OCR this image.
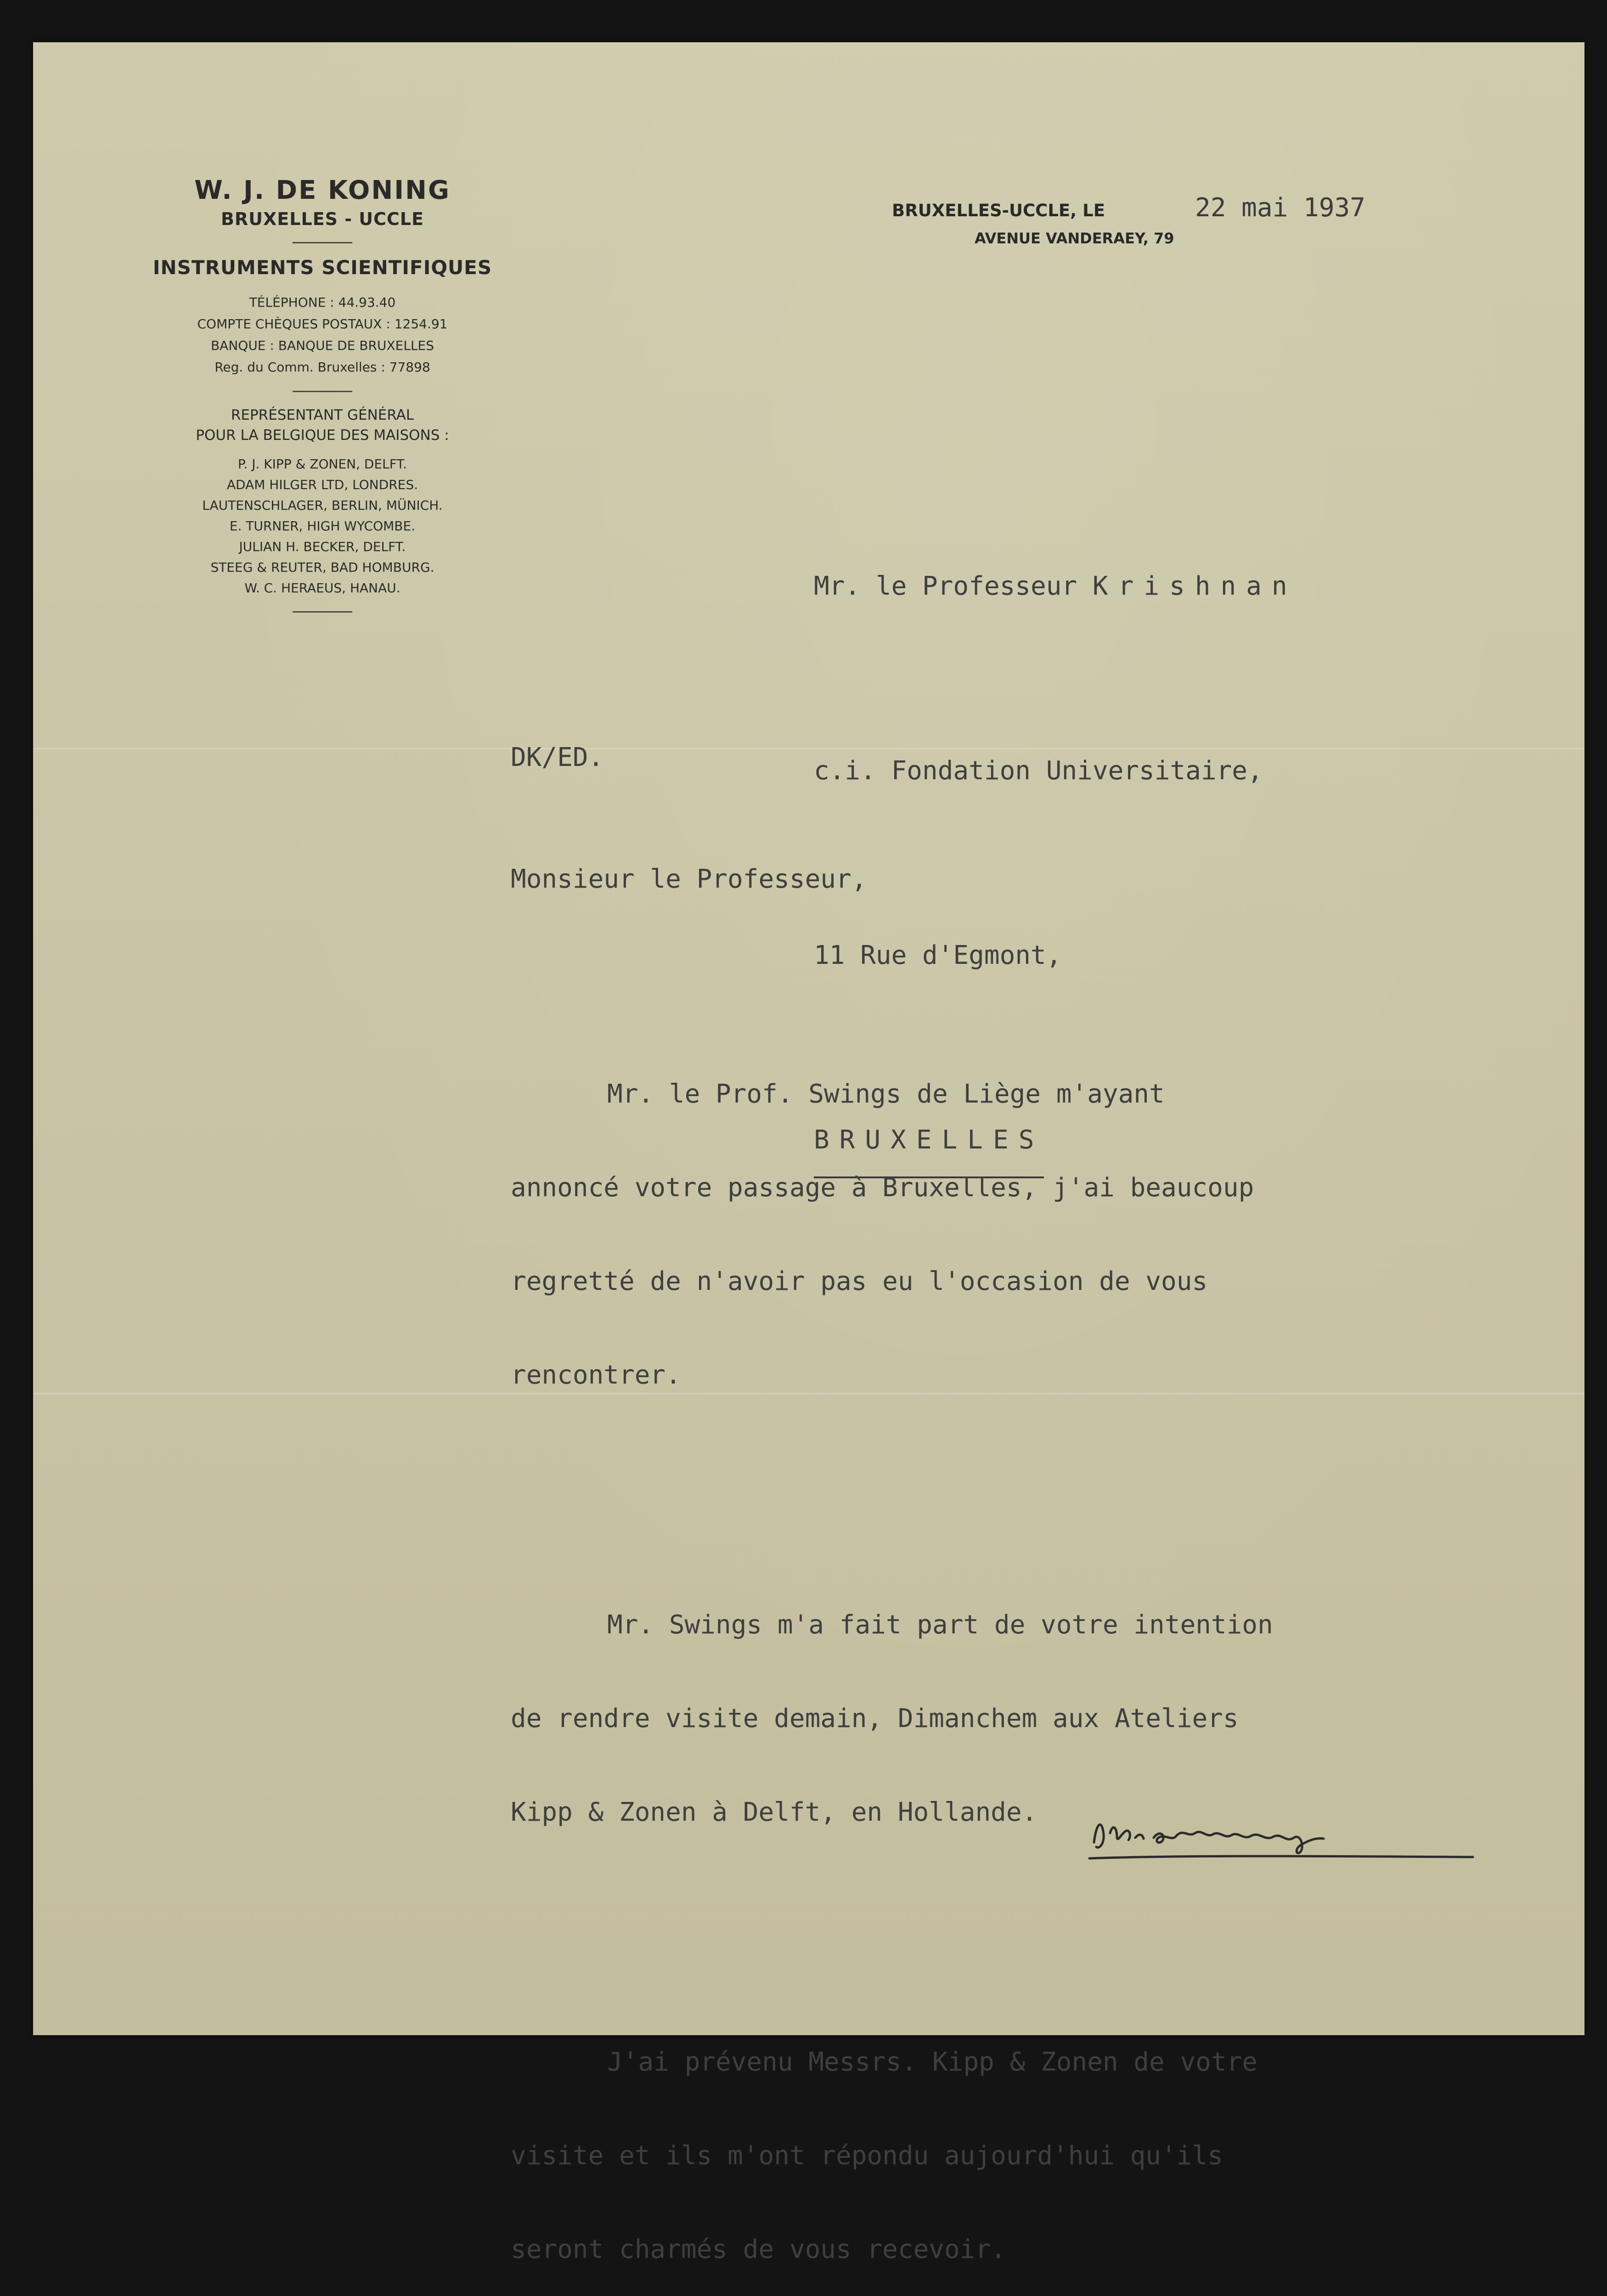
W. J. DE KONING
BRUXELLES - UCCLE
INSTRUMENTS SCIENTIFIQUES
TÉLÉPHONE : 44.93.40
COMPTE CHÈQUES POSTAUX : 1254.91
BANQUE : BANQUE DE BRUXELLES
Reg. du Comm. Bruxelles : 77898
REPRÉSENTANT GÉNÉRAL
POUR LA BELGIQUE DES MAISONS :
P. J. KIPP & ZONEN, DELFT.
ADAM HILGER LTD, LONDRES.
LAUTENSCHLAGER, BERLIN, MÜNICH.
E. TURNER, HIGH WYCOMBE.
JULIAN H. BECKER, DELFT.
STEEG & REUTER, BAD HOMBURG.
W. C. HERAEUS, HANAU.
BRUXELLES-UCCLE, LE
AVENUE VANDERAEY, 79
22 mai 1937

Mr. le Professeur Krishnan

c.i. Fondation Universitaire,

11 Rue d'Egmont,

BRUXELLES

DK/ED.
Monsieur le Professeur,

Mr. le Prof. Swings de Liège m'ayant

annoncé votre passage à Bruxelles, j'ai beaucoup

regretté de n'avoir pas eu l'occasion de vous

rencontrer.

Mr. Swings m'a fait part de votre intention

de rendre visite demain, Dimanchem aux Ateliers

Kipp & Zonen à Delft, en Hollande.

J'ai prévenu Messrs. Kipp & Zonen de votre

visite et ils m'ont répondu aujourd'hui qu'ils

seront charmés de vous recevoir.
